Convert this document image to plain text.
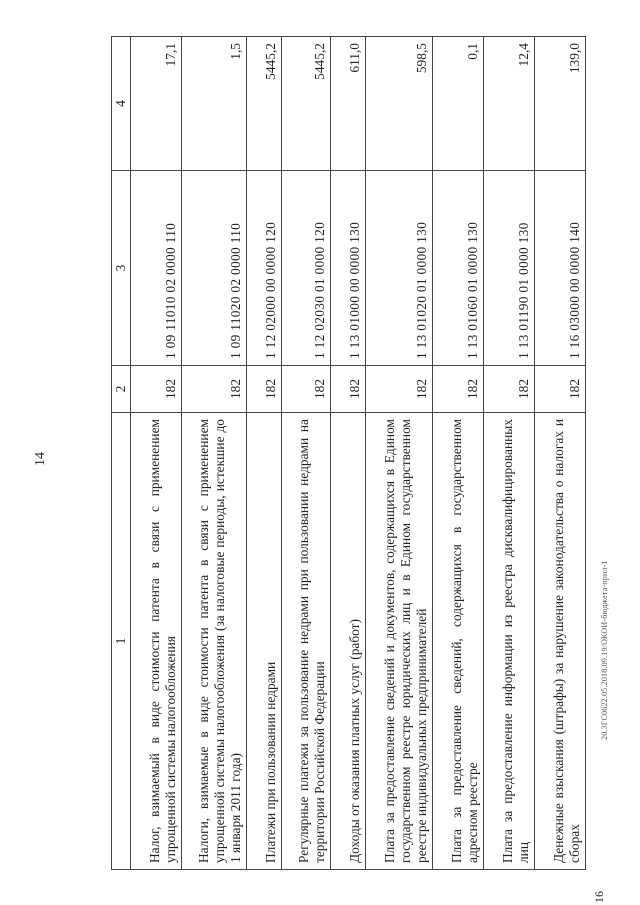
14
1	2	3	4
Налог, взимаемый в виде стоимости патента в связи с применением упрощенной системы налогообложения	182	1 09 11010 02 0000 110	17,1
Налоги, взимаемые в виде стоимости патента в связи с применением упрощенной системы налогообложения (за налоговые периоды, истекшие до 1 января 2011 года)	182	1 09 11020 02 0000 110	1,5
Платежи при пользовании недрами	182	1 12 02000 00 0000 120	5445,2
Регулярные платежи за пользование недрами при пользовании недрами на территории Российской Федерации	182	1 12 02030 01 0000 120	5445,2
Доходы от оказания платных услуг (работ)	182	1 13 01000 00 0000 130	611,0
Плата за предоставление сведений и документов, содержащихся в Едином государственном реестре юридических лиц и в Едином государственном реестре индивидуальных предпринимателей	182	1 13 01020 01 0000 130	598,5
Плата за предоставление сведений, содержащихся в государственном адресном реестре	182	1 13 01060 01 0000 130	0,1
Плата за предоставление информации из реестра дисквалифицированных лиц	182	1 13 01190 01 0000 130	12,4
Денежные взыскания (штрафы) за нарушение законодательства о налогах и сборах	182	1 16 03000 00 0000 140	139,0
20.3ГС0622.05.2018.09.19/ОКОИ-бюджета-прил-1
16
